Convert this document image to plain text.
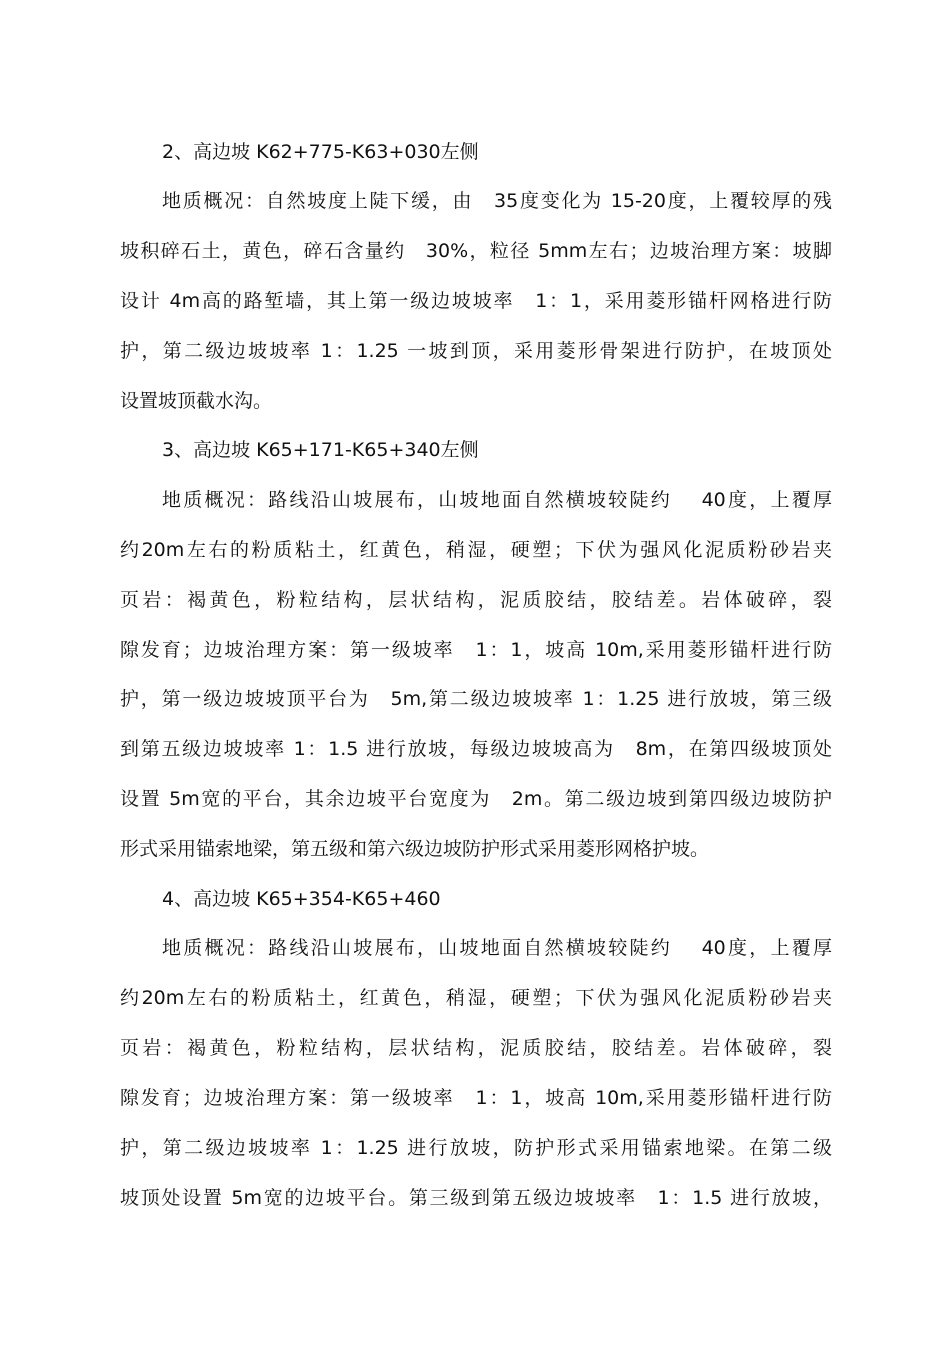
2、高边坡 K62+775-K63+030左侧
地质概况：自然坡度上陡下缓，由　35度变化为 15-20度，上覆较厚的残
坡积碎石土，黄色，碎石含量约　30%，粒径 5mm左右；边坡治理方案：坡脚
设计 4m高的路堑墙，其上第一级边坡坡率　1：1，采用菱形锚杆网格进行防
护，第二级边坡坡率 1：1.25 一坡到顶，采用菱形骨架进行防护，在坡顶处
设置坡顶截水沟。
3、高边坡 K65+171-K65+340左侧
地质概况：路线沿山坡展布，山坡地面自然横坡较陡约　 40度，上覆厚
约20m左右的粉质粘土，红黄色，稍湿，硬塑；下伏为强风化泥质粉砂岩夹
页岩：褐黄色，粉粒结构，层状结构，泥质胶结，胶结差。岩体破碎，裂
隙发育；边坡治理方案：第一级坡率　1：1，坡高 10m,采用菱形锚杆进行防
护，第一级边坡坡顶平台为　5m,第二级边坡坡率 1：1.25 进行放坡，第三级
到第五级边坡坡率 1：1.5 进行放坡，每级边坡坡高为　8m，在第四级坡顶处
设置 5m宽的平台，其余边坡平台宽度为　2m。第二级边坡到第四级边坡防护
形式采用锚索地梁，第五级和第六级边坡防护形式采用菱形网格护坡。
4、高边坡 K65+354-K65+460
地质概况：路线沿山坡展布，山坡地面自然横坡较陡约　 40度，上覆厚
约20m左右的粉质粘土，红黄色，稍湿，硬塑；下伏为强风化泥质粉砂岩夹
页岩：褐黄色，粉粒结构，层状结构，泥质胶结，胶结差。岩体破碎，裂
隙发育；边坡治理方案：第一级坡率　1：1，坡高 10m,采用菱形锚杆进行防
护，第二级边坡坡率 1：1.25 进行放坡，防护形式采用锚索地梁。在第二级
坡顶处设置 5m宽的边坡平台。第三级到第五级边坡坡率　1：1.5 进行放坡，
